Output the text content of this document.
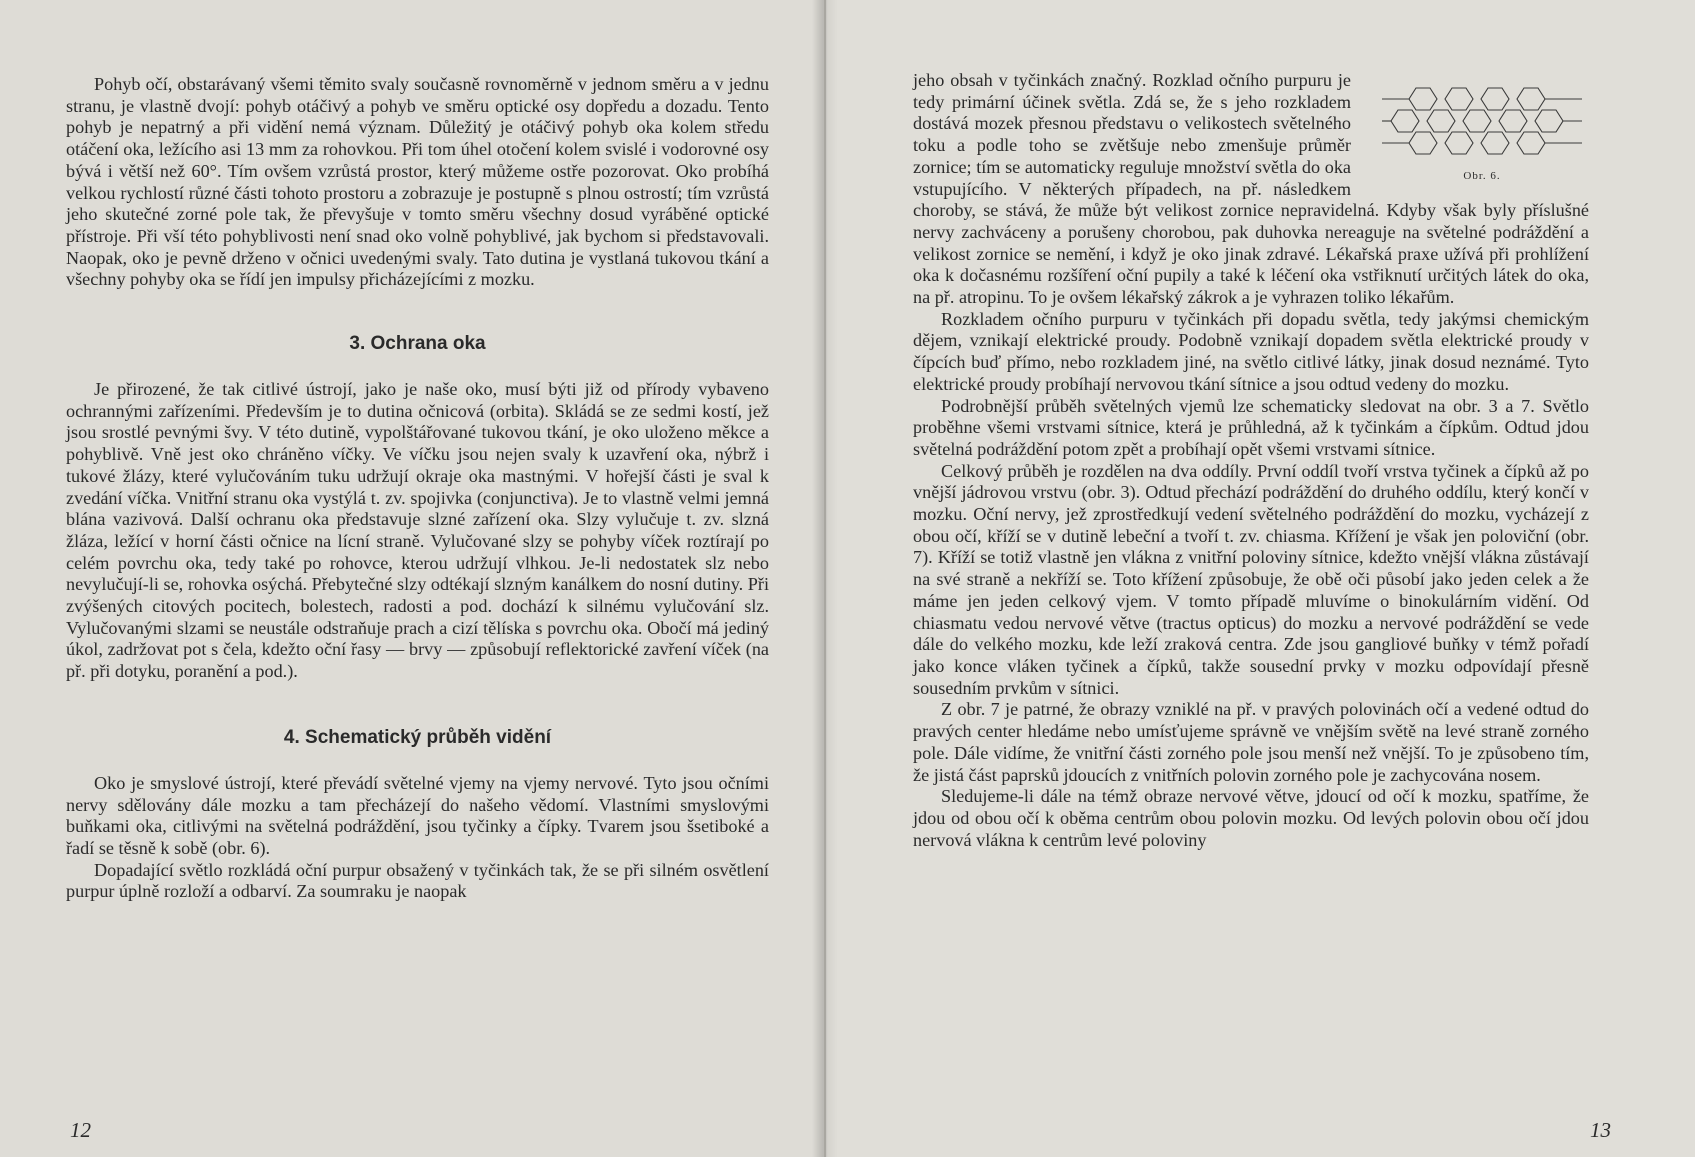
Pohyb očí, obstarávaný všemi těmito svaly současně rovnoměrně v jednom směru a v jednu stranu, je vlastně dvojí: pohyb otáčivý a pohyb ve směru optické osy dopředu a dozadu. Tento pohyb je nepatrný a při vidění nemá význam. Důležitý je otáčivý pohyb oka kolem středu otáčení oka, ležícího asi 13 mm za rohovkou. Při tom úhel otočení kolem svislé i vodorovné osy bývá i větší než 60°. Tím ovšem vzrůstá prostor, který můžeme ostře pozorovat. Oko probíhá velkou rychlostí různé části tohoto prostoru a zobrazuje je postupně s plnou ostrostí; tím vzrůstá jeho skutečné zorné pole tak, že převyšuje v tomto směru všechny dosud vyráběné optické přístroje. Při vší této pohyblivosti není snad oko volně pohyblivé, jak bychom si představovali. Naopak, oko je pevně drženo v očnici uvedenými svaly. Tato dutina je vystlaná tukovou tkání a všechny pohyby oka se řídí jen impulsy přicházejícími z mozku.

3. Ochrana oka

Je přirozené, že tak citlivé ústrojí, jako je naše oko, musí býti již od přírody vybaveno ochrannými zařízeními. Především je to dutina očnicová (orbita). Skládá se ze sedmi kostí, jež jsou srostlé pevnými švy. V této dutině, vypolštářované tukovou tkání, je oko uloženo měkce a pohyblivě. Vně jest oko chráněno víčky. Ve víčku jsou nejen svaly k uzavření oka, nýbrž i tukové žlázy, které vylučováním tuku udržují okraje oka mastnými. V hořejší části je sval k zvedání víčka. Vnitřní stranu oka vystýlá t. zv. spojivka (conjunctiva). Je to vlastně velmi jemná blána vazivová. Další ochranu oka představuje slzné zařízení oka. Slzy vylučuje t. zv. slzná žláza, ležící v horní části očnice na lícní straně. Vylučované slzy se pohyby víček roztírají po celém povrchu oka, tedy také po rohovce, kterou udržují vlhkou. Je-li nedostatek slz nebo nevylučují-li se, rohovka osýchá. Přebytečné slzy odtékají slzným kanálkem do nosní dutiny. Při zvýšených citových pocitech, bolestech, radosti a pod. dochází k silnému vylučování slz. Vylučovanými slzami se neustále odstraňuje prach a cizí tělíska s povrchu oka. Obočí má jediný úkol, zadržovat pot s čela, kdežto oční řasy — brvy — způsobují reflektorické zavření víček (na př. při dotyku, poranění a pod.).

4. Schematický průběh vidění

Oko je smyslové ústrojí, které převádí světelné vjemy na vjemy nervové. Tyto jsou očními nervy sdělovány dále mozku a tam přecházejí do našeho vědomí. Vlastními smyslovými buňkami oka, citlivými na světelná podráždění, jsou tyčinky a čípky. Tvarem jsou šsetiboké a řadí se těsně k sobě (obr. 6).

Dopadající světlo rozkládá oční purpur obsažený v tyčinkách tak, že se při silném osvětlení purpur úplně rozloží a odbarví. Za soumraku je naopak

12
Obr. 6.

jeho obsah v tyčinkách značný. Rozklad očního purpuru je tedy primární účinek světla. Zdá se, že s jeho rozkladem dostává mozek přesnou představu o velikostech světelného toku a podle toho se zvětšuje nebo zmenšuje průměr zornice; tím se automaticky reguluje množství světla do oka vstupujícího. V některých případech, na př. následkem choroby, se stává, že může být velikost zornice nepravidelná. Kdyby však byly příslušné nervy zachváceny a porušeny chorobou, pak duhovka nereaguje na světelné podráždění a velikost zornice se nemění, i když je oko jinak zdravé. Lékařská praxe užívá při prohlížení oka k dočasnému rozšíření oční pupily a také k léčení oka vstřiknutí určitých látek do oka, na př. atropinu. To je ovšem lékařský zákrok a je vyhrazen toliko lékařům.

Rozkladem očního purpuru v tyčinkách při dopadu světla, tedy jakýmsi chemickým dějem, vznikají elektrické proudy. Podobně vznikají dopadem světla elektrické proudy v čípcích buď přímo, nebo rozkladem jiné, na světlo citlivé látky, jinak dosud neznámé. Tyto elektrické proudy probíhají nervovou tkání sítnice a jsou odtud vedeny do mozku.

Podrobnější průběh světelných vjemů lze schematicky sledovat na obr. 3 a 7. Světlo proběhne všemi vrstvami sítnice, která je průhledná, až k tyčinkám a čípkům. Odtud jdou světelná podráždění potom zpět a probíhají opět všemi vrstvami sítnice.

Celkový průběh je rozdělen na dva oddíly. První oddíl tvoří vrstva tyčinek a čípků až po vnější jádrovou vrstvu (obr. 3). Odtud přechází podráždění do druhého oddílu, který končí v mozku. Oční nervy, jež zprostředkují vedení světelného podráždění do mozku, vycházejí z obou očí, kříží se v dutině lebeční a tvoří t. zv. chiasma. Křížení je však jen poloviční (obr. 7). Kříží se totiž vlastně jen vlákna z vnitřní poloviny sítnice, kdežto vnější vlákna zůstávají na své straně a nekříží se. Toto křížení způsobuje, že obě oči působí jako jeden celek a že máme jen jeden celkový vjem. V tomto případě mluvíme o binokulárním vidění. Od chiasmatu vedou nervové větve (tractus opticus) do mozku a nervové podráždění se vede dále do velkého mozku, kde leží zraková centra. Zde jsou gangliové buňky v témž pořadí jako konce vláken tyčinek a čípků, takže sousední prvky v mozku odpovídají přesně sousedním prvkům v sítnici.

Z obr. 7 je patrné, že obrazy vzniklé na př. v pravých polovinách očí a vedené odtud do pravých center hledáme nebo umísťujeme správně ve vnějším světě na levé straně zorného pole. Dále vidíme, že vnitřní části zorného pole jsou menší než vnější. To je způsobeno tím, že jistá část paprsků jdoucích z vnitřních polovin zorného pole je zachycována nosem.

Sledujeme-li dále na témž obraze nervové větve, jdoucí od očí k mozku, spatříme, že jdou od obou očí k oběma centrům obou polovin mozku. Od levých polovin obou očí jdou nervová vlákna k centrům levé poloviny

13
